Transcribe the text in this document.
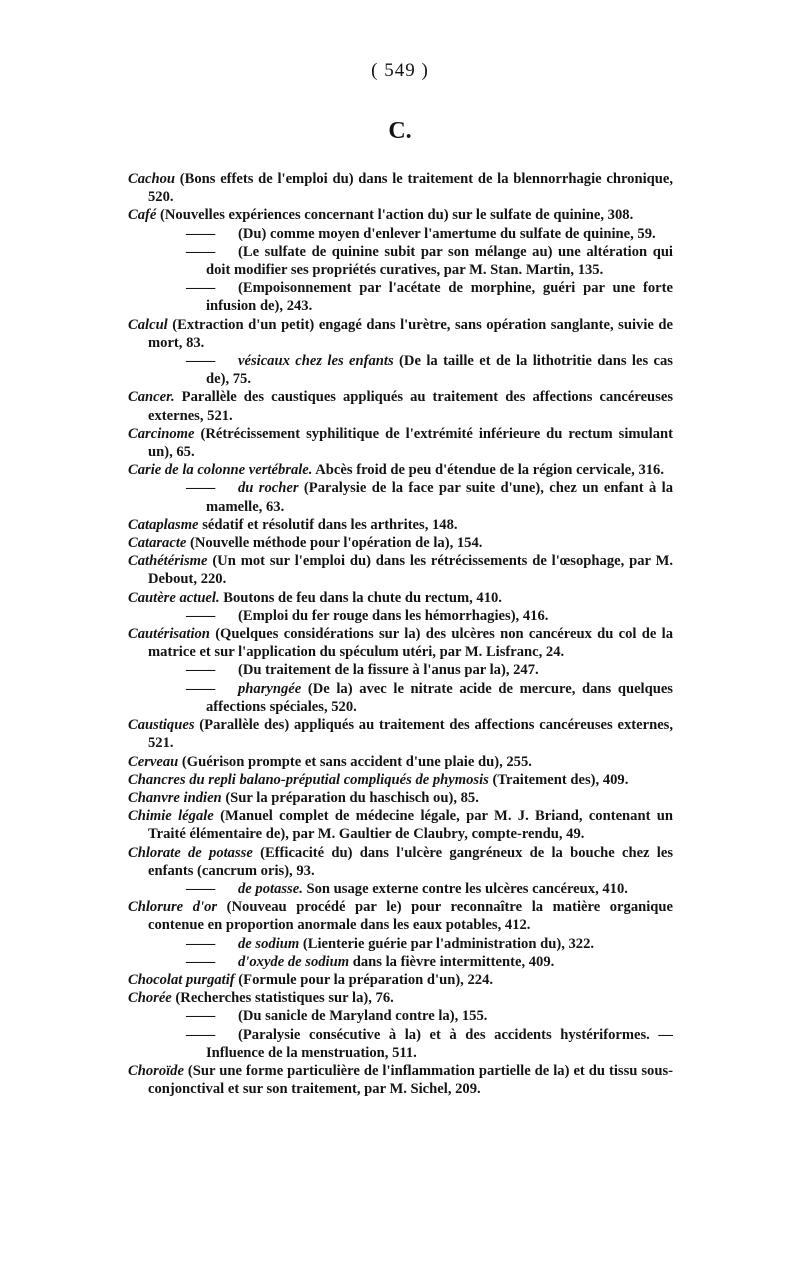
( 549 )
C.

Cachou (Bons effets de l'emploi du) dans le traitement de la blennorrhagie chronique, 520.

Café (Nouvelles expériences concernant l'action du) sur le sulfate de quinine, 308.

—— (Du) comme moyen d'enlever l'amertume du sulfate de quinine, 59.

—— (Le sulfate de quinine subit par son mélange au) une altération qui doit modifier ses propriétés curatives, par M. Stan. Martin, 135.

—— (Empoisonnement par l'acétate de morphine, guéri par une forte infusion de), 243.

Calcul (Extraction d'un petit) engagé dans l'urètre, sans opération sanglante, suivie de mort, 83.

—— vésicaux chez les enfants (De la taille et de la lithotritie dans les cas de), 75.

Cancer. Parallèle des caustiques appliqués au traitement des affections cancéreuses externes, 521.

Carcinome (Rétrécissement syphilitique de l'extrémité inférieure du rectum simulant un), 65.

Carie de la colonne vertébrale. Abcès froid de peu d'étendue de la région cervicale, 316.

—— du rocher (Paralysie de la face par suite d'une), chez un enfant à la mamelle, 63.

Cataplasme sédatif et résolutif dans les arthrites, 148.

Cataracte (Nouvelle méthode pour l'opération de la), 154.

Cathétérisme (Un mot sur l'emploi du) dans les rétrécissements de l'œsophage, par M. Debout, 220.

Cautère actuel. Boutons de feu dans la chute du rectum, 410.

—— (Emploi du fer rouge dans les hémorrhagies), 416.

Cautérisation (Quelques considérations sur la) des ulcères non cancéreux du col de la matrice et sur l'application du spéculum utéri, par M. Lisfranc, 24.

—— (Du traitement de la fissure à l'anus par la), 247.

—— pharyngée (De la) avec le nitrate acide de mercure, dans quelques affections spéciales, 520.

Caustiques (Parallèle des) appliqués au traitement des affections cancéreuses externes, 521.

Cerveau (Guérison prompte et sans accident d'une plaie du), 255.

Chancres du repli balano-préputial compliqués de phymosis (Traitement des), 409.

Chanvre indien (Sur la préparation du haschisch ou), 85.

Chimie légale (Manuel complet de médecine légale, par M. J. Briand, contenant un Traité élémentaire de), par M. Gaultier de Claubry, compte-rendu, 49.

Chlorate de potasse (Efficacité du) dans l'ulcère gangréneux de la bouche chez les enfants (cancrum oris), 93.

—— de potasse. Son usage externe contre les ulcères cancéreux, 410.

Chlorure d'or (Nouveau procédé par le) pour reconnaître la matière organique contenue en proportion anormale dans les eaux potables, 412.

—— de sodium (Lienterie guérie par l'administration du), 322.

—— d'oxyde de sodium dans la fièvre intermittente, 409.

Chocolat purgatif (Formule pour la préparation d'un), 224.

Chorée (Recherches statistiques sur la), 76.

—— (Du sanicle de Maryland contre la), 155.

—— (Paralysie consécutive à la) et à des accidents hystériformes. — Influence de la menstruation, 511.

Choroïde (Sur une forme particulière de l'inflammation partielle de la) et du tissu sous-conjonctival et sur son traitement, par M. Sichel, 209.
